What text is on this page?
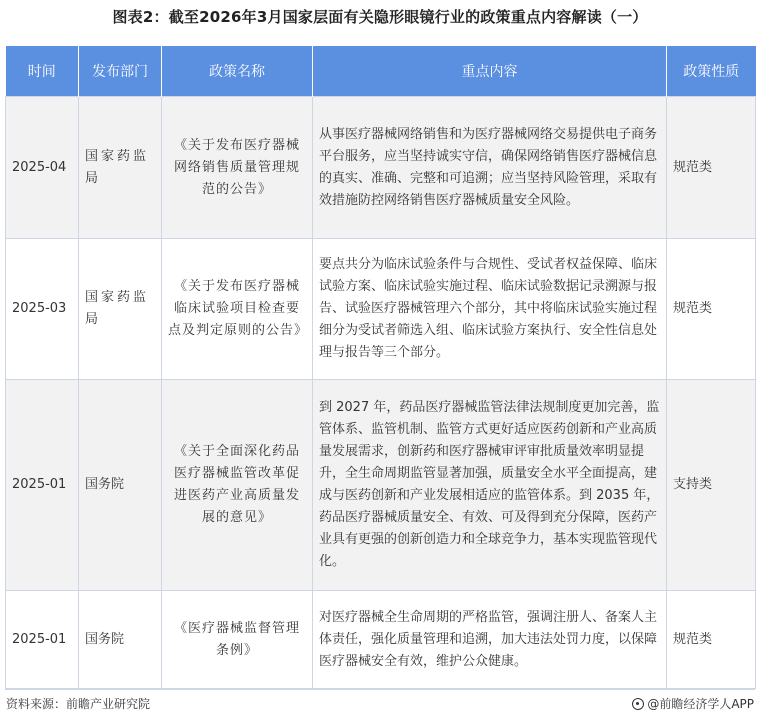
图表2：截至2026年3月国家层面有关隐形眼镜行业的政策重点内容解读（一）
时间	发布部门	政策名称	重点内容	政策性质
2025-04	国家药监局	《关于发布医疗器械网络销售质量管理规范的公告》	从事医疗器械网络销售和为医疗器械网络交易提供电子商务平台服务，应当坚持诚实守信，确保网络销售医疗器械信息的真实、准确、完整和可追溯；应当坚持风险管理，采取有效措施防控网络销售医疗器械质量安全风险。	规范类
2025-03	国家药监局	《关于发布医疗器械临床试验项目检查要点及判定原则的公告》	要点共分为临床试验条件与合规性、受试者权益保障、临床试验方案、临床试验实施过程、临床试验数据记录溯源与报告、试验医疗器械管理六个部分，其中将临床试验实施过程细分为受试者筛选入组、临床试验方案执行、安全性信息处理与报告等三个部分。	规范类
2025-01	国务院	《关于全面深化药品医疗器械监管改革促进医药产业高质量发展的意见》	到 2027 年，药品医疗器械监管法律法规制度更加完善，监管体系、监管机制、监管方式更好适应医药创新和产业高质量发展需求，创新药和医疗器械审评审批质量效率明显提升，全生命周期监管显著加强，质量安全水平全面提高，建成与医药创新和产业发展相适应的监管体系。到 2035 年，药品医疗器械质量安全、有效、可及得到充分保障，医药产业具有更强的创新创造力和全球竞争力，基本实现监管现代化。	支持类
2025-01	国务院	《医疗器械监督管理条例》	对医疗器械全生命周期的严格监管，强调注册人、备案人主体责任，强化质量管理和追溯，加大违法处罚力度，以保障医疗器械安全有效，维护公众健康。	规范类
资料来源：前瞻产业研究院	@前瞻经济学人APP
